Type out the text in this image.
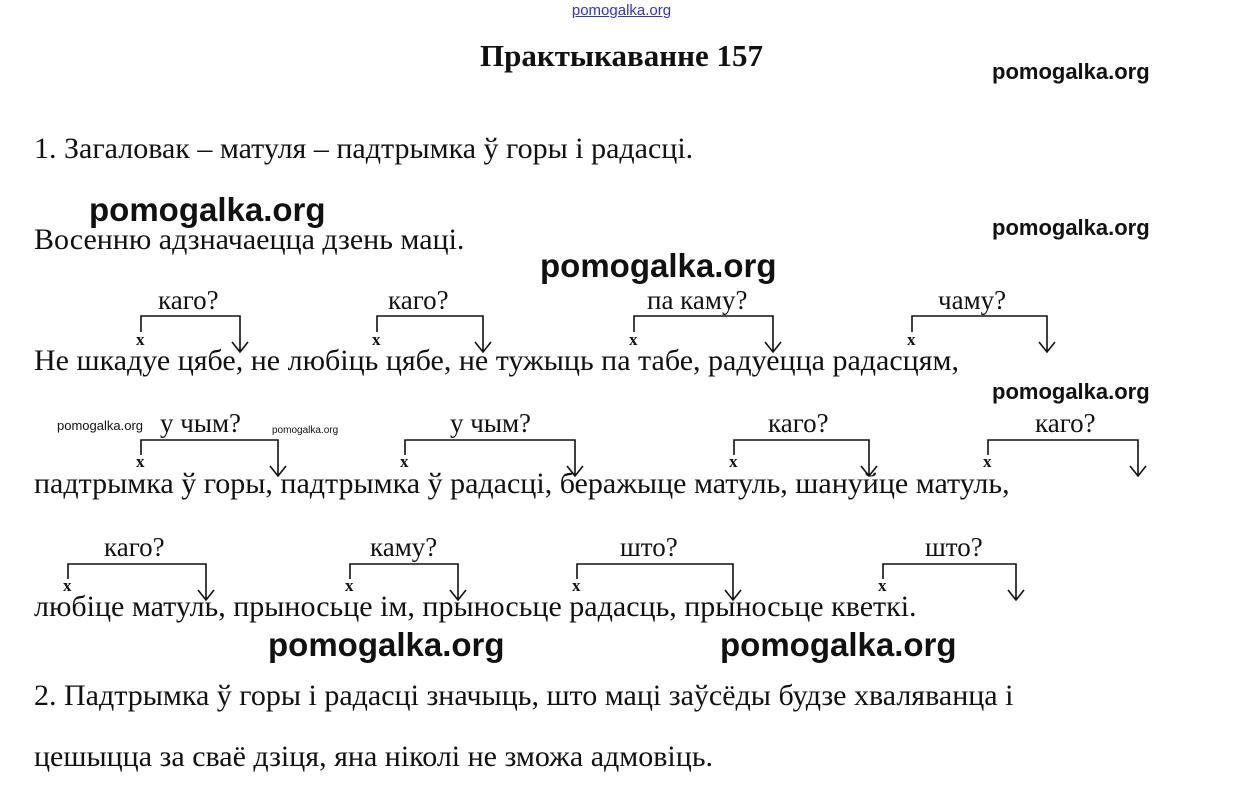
pomogalka.org
Практыкаванне 157
1. Загаловак – матуля – падтрымка ў горы і радасці.
Восенню адзначаецца дзень маці.
Не шкадуе цябе, не любіць цябе, не тужыць па табе, радуецца радасцям,
падтрымка ў горы, падтрымка ў радасці, беражыце матуль, шануйце матуль,
любіце матуль, прыносьце ім, прыносьце радасць, прыносьце кветкі.
2. Падтрымка ў горы і радасці значыць, што маці заўсёды будзе хваляванца і
цешыцца за сваё дзіця, яна ніколі не зможа адмовіць.
каго?	каго?	па каму?	чаму?
у чым?	у чым?	каго?	каго?
каго?	каму?	што?	што?
x	x	x	x
x	x	x	x
x	x	x	x
pomogalka.org
pomogalka.org	pomogalka.org
pomogalka.org
pomogalka.org
pomogalka.org	pomogalka.org
pomogalka.org	pomogalka.org
